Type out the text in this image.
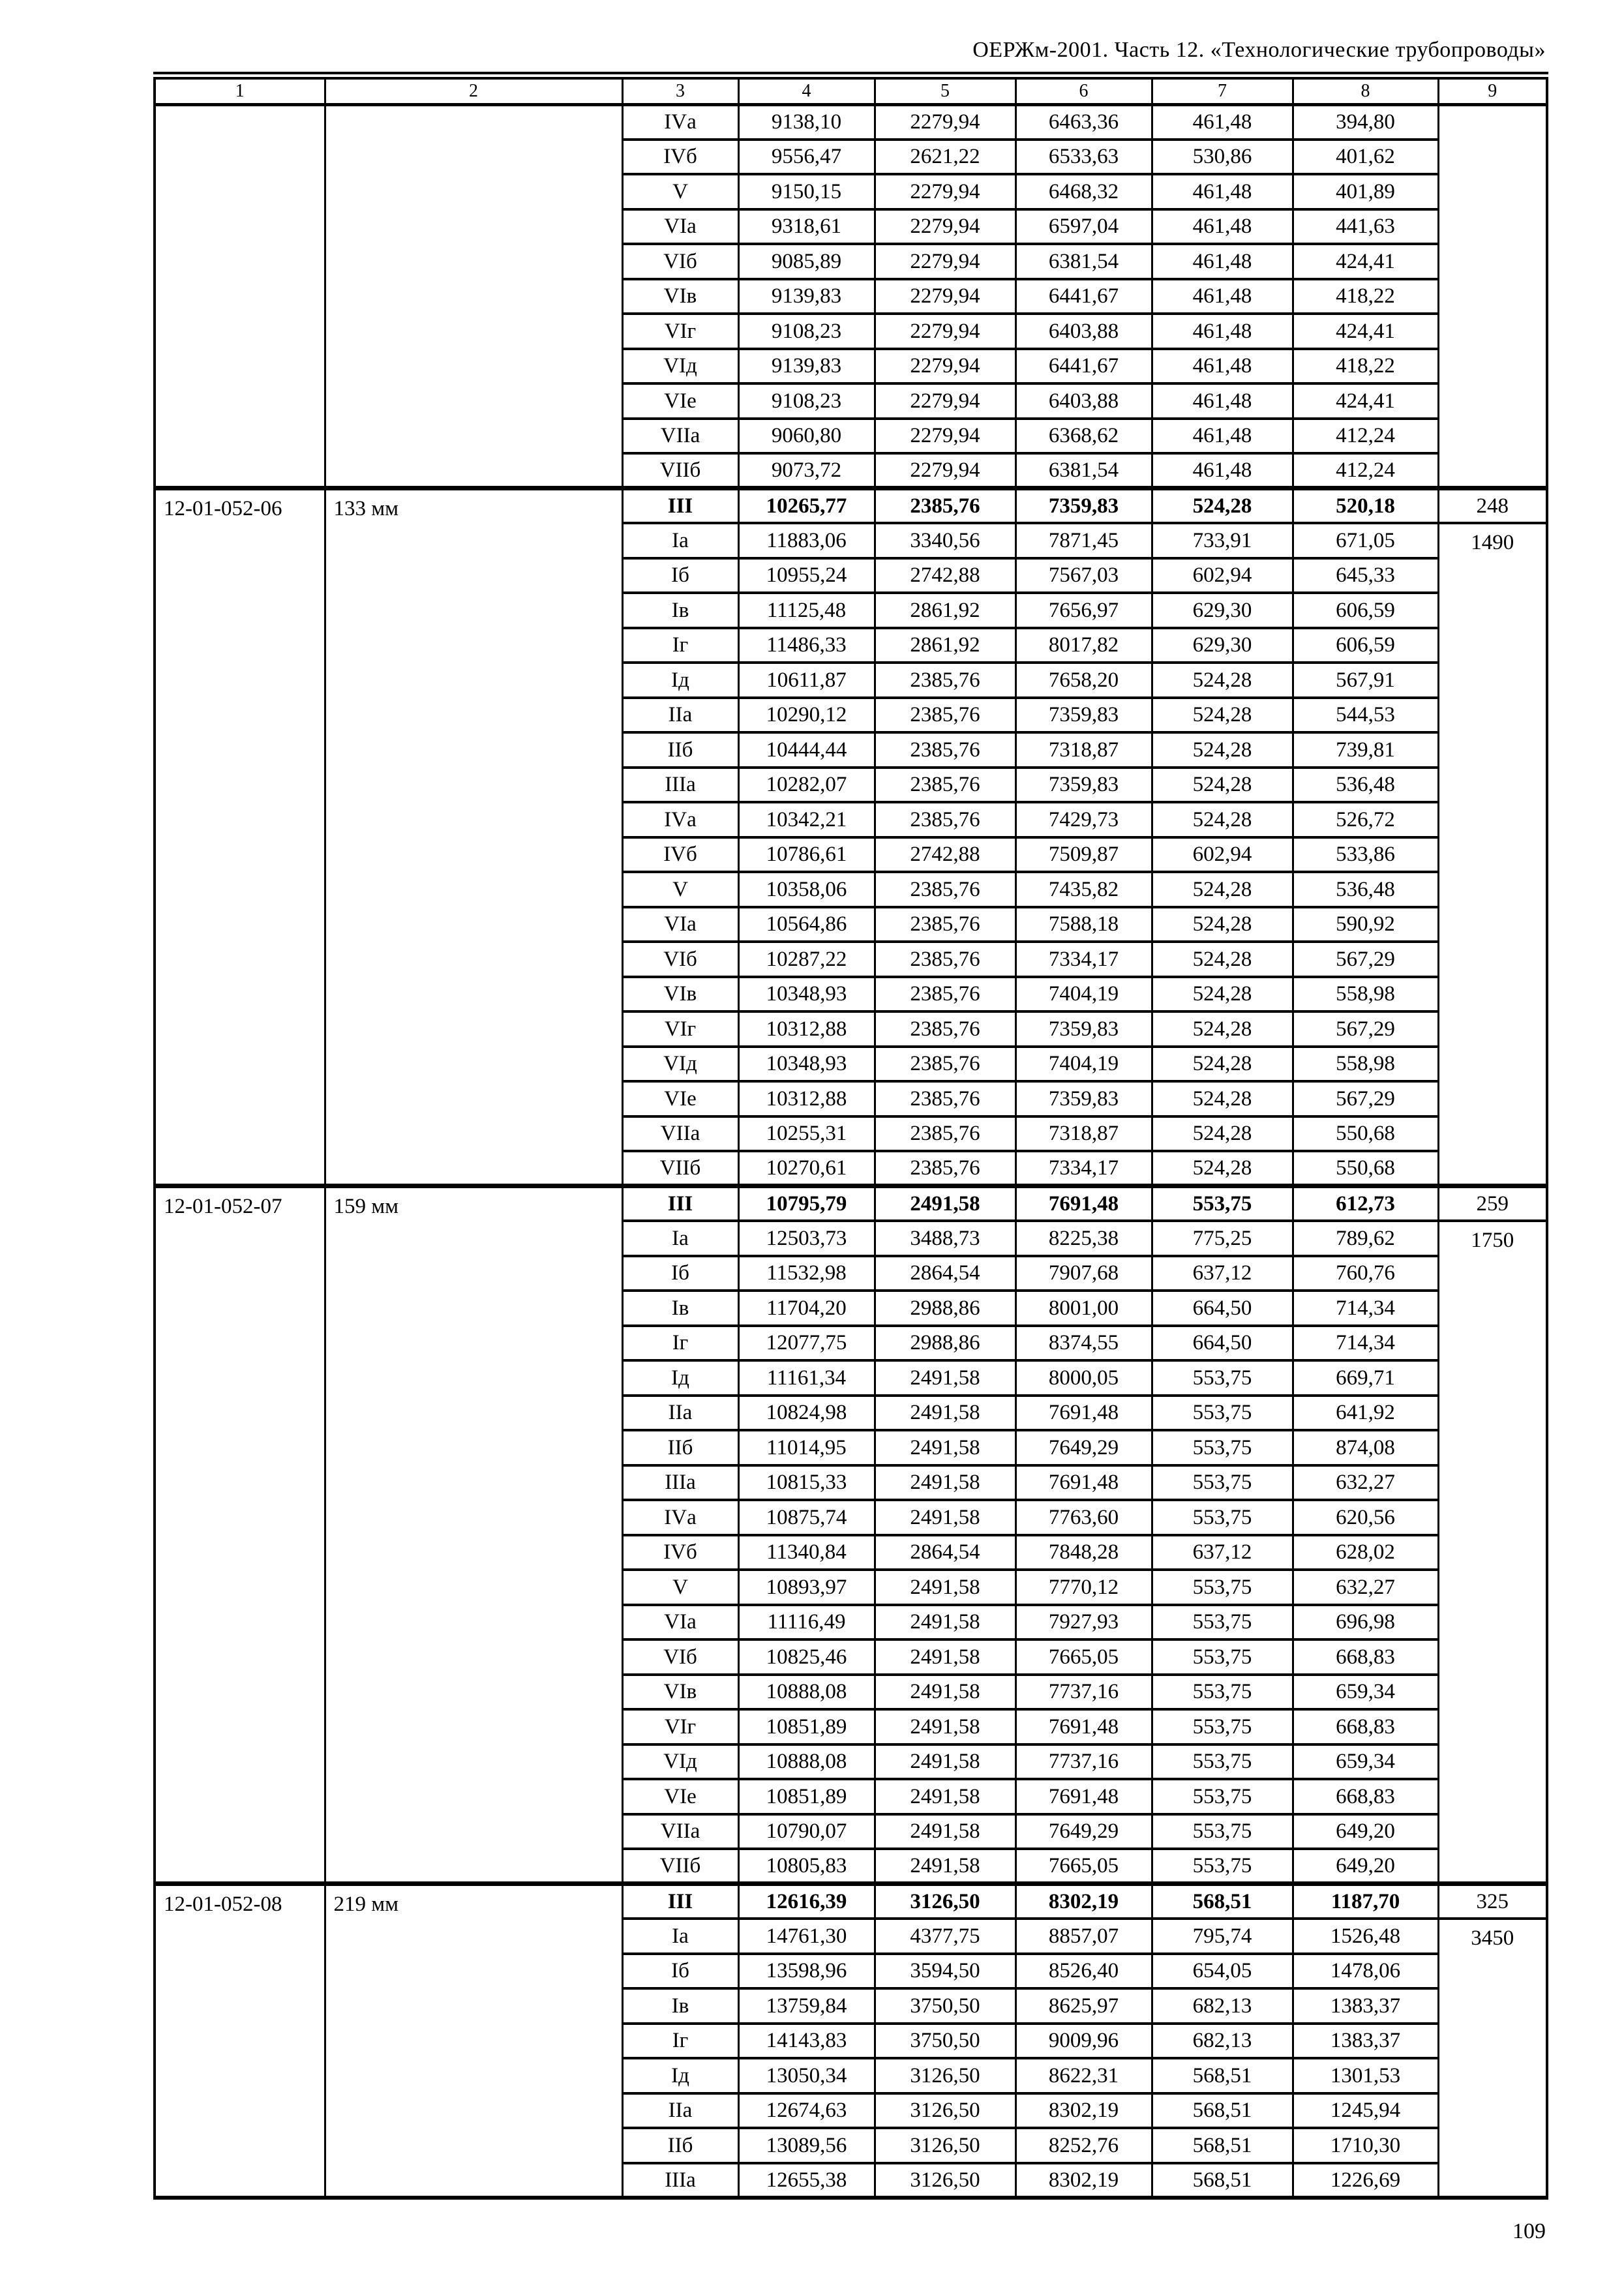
ОЕРЖм-2001. Часть 12. «Технологические трубопроводы»
1	2	3	4	5	6	7	8	9
		IVа	9138,10	2279,94	6463,36	461,48	394,80	
		IVб	9556,47	2621,22	6533,63	530,86	401,62	
		V	9150,15	2279,94	6468,32	461,48	401,89	
		VIа	9318,61	2279,94	6597,04	461,48	441,63	
		VIб	9085,89	2279,94	6381,54	461,48	424,41	
		VIв	9139,83	2279,94	6441,67	461,48	418,22	
		VIг	9108,23	2279,94	6403,88	461,48	424,41	
		VIд	9139,83	2279,94	6441,67	461,48	418,22	
		VIе	9108,23	2279,94	6403,88	461,48	424,41	
		VIIа	9060,80	2279,94	6368,62	461,48	412,24	
		VIIб	9073,72	2279,94	6381,54	461,48	412,24	
12-01-052-06	133 мм	III	10265,77	2385,76	7359,83	524,28	520,18	248
		Iа	11883,06	3340,56	7871,45	733,91	671,05	1490
		Iб	10955,24	2742,88	7567,03	602,94	645,33	
		Iв	11125,48	2861,92	7656,97	629,30	606,59	
		Iг	11486,33	2861,92	8017,82	629,30	606,59	
		Iд	10611,87	2385,76	7658,20	524,28	567,91	
		IIа	10290,12	2385,76	7359,83	524,28	544,53	
		IIб	10444,44	2385,76	7318,87	524,28	739,81	
		IIIа	10282,07	2385,76	7359,83	524,28	536,48	
		IVа	10342,21	2385,76	7429,73	524,28	526,72	
		IVб	10786,61	2742,88	7509,87	602,94	533,86	
		V	10358,06	2385,76	7435,82	524,28	536,48	
		VIа	10564,86	2385,76	7588,18	524,28	590,92	
		VIб	10287,22	2385,76	7334,17	524,28	567,29	
		VIв	10348,93	2385,76	7404,19	524,28	558,98	
		VIг	10312,88	2385,76	7359,83	524,28	567,29	
		VIд	10348,93	2385,76	7404,19	524,28	558,98	
		VIе	10312,88	2385,76	7359,83	524,28	567,29	
		VIIа	10255,31	2385,76	7318,87	524,28	550,68	
		VIIб	10270,61	2385,76	7334,17	524,28	550,68	
12-01-052-07	159 мм	III	10795,79	2491,58	7691,48	553,75	612,73	259
		Iа	12503,73	3488,73	8225,38	775,25	789,62	1750
		Iб	11532,98	2864,54	7907,68	637,12	760,76	
		Iв	11704,20	2988,86	8001,00	664,50	714,34	
		Iг	12077,75	2988,86	8374,55	664,50	714,34	
		Iд	11161,34	2491,58	8000,05	553,75	669,71	
		IIа	10824,98	2491,58	7691,48	553,75	641,92	
		IIб	11014,95	2491,58	7649,29	553,75	874,08	
		IIIа	10815,33	2491,58	7691,48	553,75	632,27	
		IVа	10875,74	2491,58	7763,60	553,75	620,56	
		IVб	11340,84	2864,54	7848,28	637,12	628,02	
		V	10893,97	2491,58	7770,12	553,75	632,27	
		VIа	11116,49	2491,58	7927,93	553,75	696,98	
		VIб	10825,46	2491,58	7665,05	553,75	668,83	
		VIв	10888,08	2491,58	7737,16	553,75	659,34	
		VIг	10851,89	2491,58	7691,48	553,75	668,83	
		VIд	10888,08	2491,58	7737,16	553,75	659,34	
		VIе	10851,89	2491,58	7691,48	553,75	668,83	
		VIIа	10790,07	2491,58	7649,29	553,75	649,20	
		VIIб	10805,83	2491,58	7665,05	553,75	649,20	
12-01-052-08	219 мм	III	12616,39	3126,50	8302,19	568,51	1187,70	325
		Iа	14761,30	4377,75	8857,07	795,74	1526,48	3450
		Iб	13598,96	3594,50	8526,40	654,05	1478,06	
		Iв	13759,84	3750,50	8625,97	682,13	1383,37	
		Iг	14143,83	3750,50	9009,96	682,13	1383,37	
		Iд	13050,34	3126,50	8622,31	568,51	1301,53	
		IIа	12674,63	3126,50	8302,19	568,51	1245,94	
		IIб	13089,56	3126,50	8252,76	568,51	1710,30	
		IIIа	12655,38	3126,50	8302,19	568,51	1226,69	
109
